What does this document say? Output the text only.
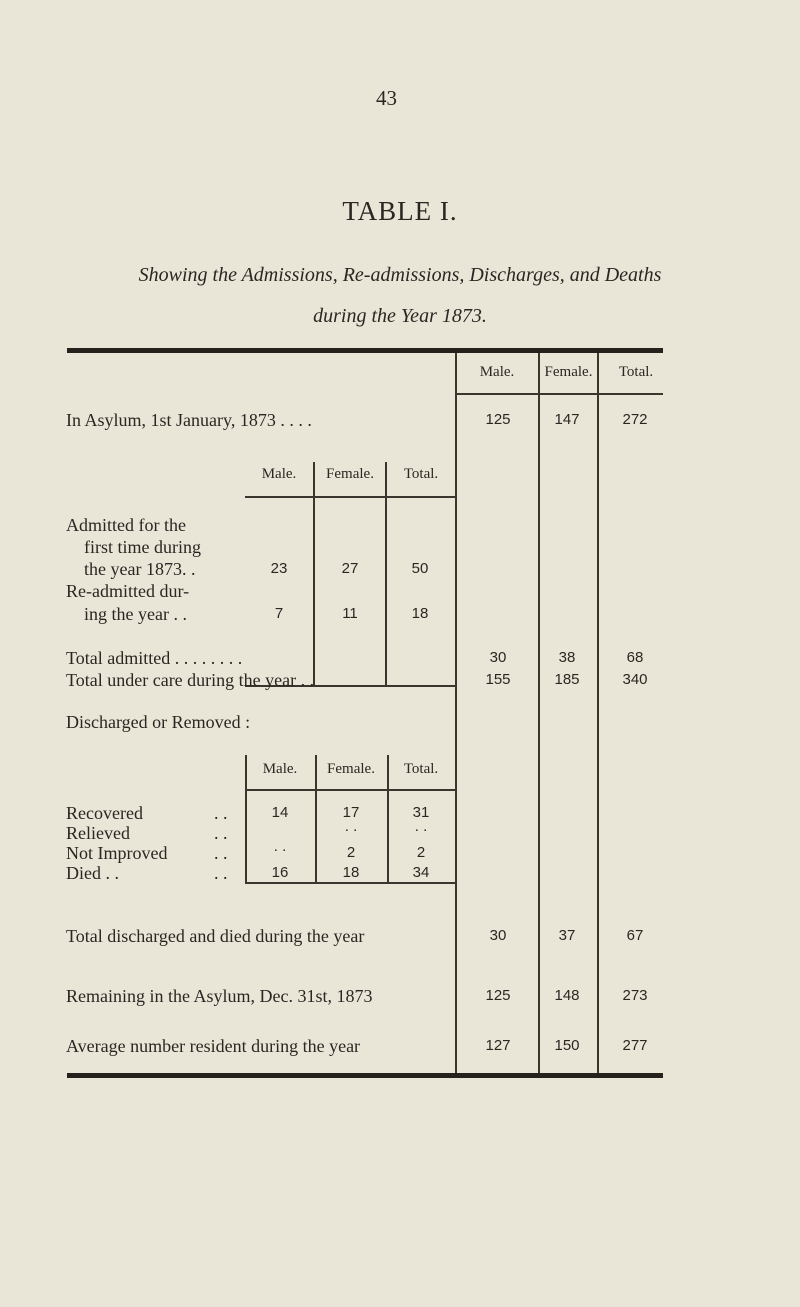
43
TABLE I.
Showing the Admissions, Re-admissions, Discharges, and Deaths
during the Year 1873.
Male.	Female.	Total.
In Asylum, 1st January, 1873 . . . .	125	147	272
Male.	Female.	Total.
Admitted for the
first time during
the year 1873. .	23	27	50
Re-admitted dur-
ing the year . .	7	11	18
Total admitted . . . . . . . .	30	38	68
Total under care during the year . .	155	185	340
Discharged or Removed :
Male.	Female.	Total.
Recovered	. .	14	17	31
Relieved	. .	. .	. .
Not Improved	. .	. .	2	2
Died . .	. .	16	18	34
Total discharged and died during the year	30	37	67
Remaining in the Asylum, Dec. 31st, 1873	125	148	273
Average number resident during the year	127	150	277
